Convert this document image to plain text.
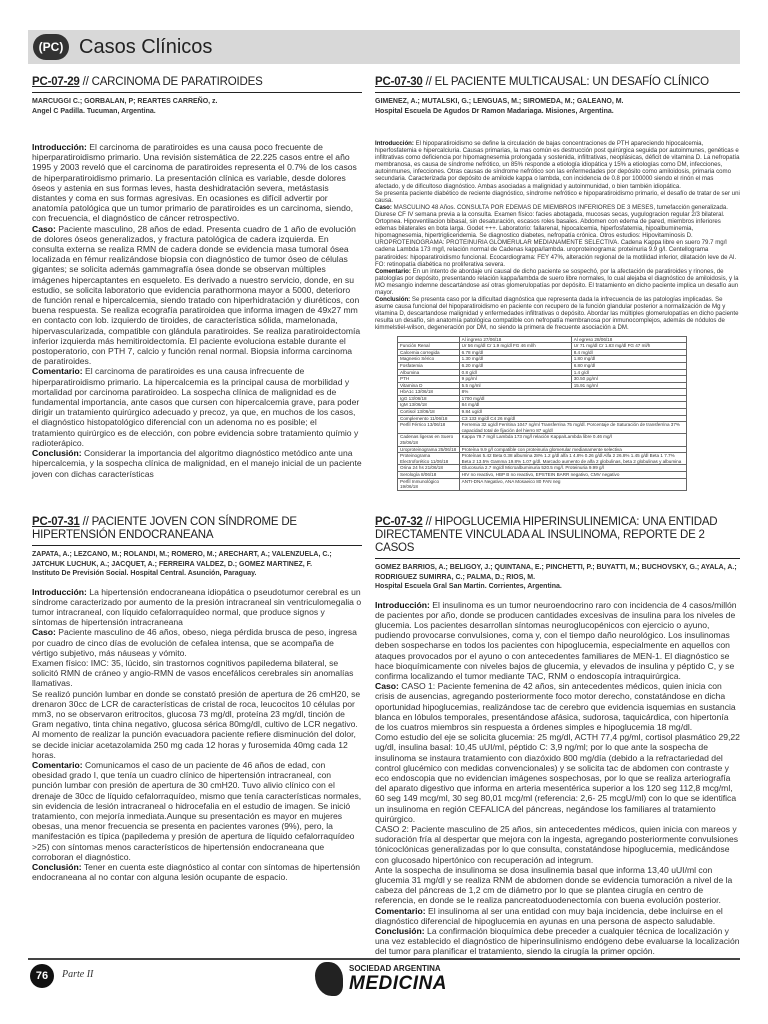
(PC) Casos Clínicos
PC-07-29 // CARCINOMA DE PARATIROIDES
MARCUGGI C.; GORBALAN, P; REARTES CARREÑO, z.
Angel C Padilla. Tucuman, Argentina.
Introducción: El carcinoma de paratiroides es una causa poco frecuente de hiperparatiroidismo primario. Una revisión sistemática de 22.225 casos entre el año 1995 y 2003 reveló que el carcinoma de paratiroides representa el 0.7% de los casos de hiperparatiroidismo primario. La presentación clínica es variable, desde dolores óseos y astenia en sus formas leves, hasta deshidratación severa, metástasis distantes y coma en sus formas agresivas. En ocasiones es difícil advertir por anatomía patológica que un tumor primario de paratiroides es un carcinoma, siendo, con frecuencia, el diagnóstico de cáncer retrospectivo.
Caso: Paciente masculino, 28 años de edad. Presenta cuadro de 1 año de evolución de dolores óseos generalizados, y fractura patológica de cadera izquierda. En consulta externa se realiza RMN de cadera donde se evidencia masa tumoral ósea localizada en fémur realizándose biopsia con diagnóstico de tumor óseo de células gigantes; se solicita además gammagrafía ósea donde se observan múltiples imágenes hipercaptantes en esqueleto. Es derivado a nuestro servicio, donde, en su estudio, se solicita laboratorio que evidencia parathormona mayor a 5000, deterioro de función renal e hipercalcemia, siendo tratado con hiperhidratación y diuréticos, con buena respuesta. Se realiza ecografía paratiroidea que informa imagen de 49x27 mm en contacto con lob. izquierdo de tiroides, de característica sólida, mamelonada, hipervascularizada, compatible con glándula paratiroides. Se realiza paratiroidectomía inferior izquierda más hemitiroidectomía. El paciente evoluciona estable durante el postoperatorio, con PTH 7, calcio y función renal normal. Biopsia informa carcinoma de paratiroides.
Comentario: El carcinoma de paratiroides es una causa infrecuente de hiperparatiroidismo primario. La hipercalcemia es la principal causa de morbilidad y mortalidad por carcinoma paratiroideo. La sospecha clínica de malignidad es de fundamental importancia, ante casos que cursen con hipercalcemia grave, para poder dirigir un tratamiento quirúrgico adecuado y precoz, ya que, en muchos de los casos, el diagnóstico histopatológico diferencial con un adenoma no es posible; el tratamiento quirúrgico es de elección, con pobre evidencia sobre tratamiento químio y radioterápico.
Conclusión: Considerar la importancia del algoritmo diagnóstico metódico ante una hipercalcemia, y la sospecha clínica de malignidad, en el manejo inicial de un paciente joven con dichas características
PC-07-30 // EL PACIENTE MULTICAUSAL: UN DESAFÍO CLÍNICO
GIMENEZ, A.; MUTALSKI, G.; LENGUAS, M.; SIROMEDA, M.; GALEANO, M.
Hospital Escuela De Agudos Dr Ramon Madariaga. Misiones, Argentina.
Introducción: El hipoparatiroidismo se define la circulación de bajas concentraciones de PTH apareciendo hipocalcemia, hiperfosfatemia e hipercalciuria. Causas primarias, la mas común es destrucción post quirúrgica seguida por autoinmunes, genéticas e infiltrativas como deficiencia por hipomagnesemia prolongada y sostenida, infiltrativas, neoplásicas, déficit de vitamina D. La nefropatía membranosa, es causa de síndrome nefrótico, un 85% responde a etiología idiopática y 15% a etiologías como DM, infecciones, autoinmunes, infecciones. Otras causas de síndrome nefrótico son las enfermedades por depósito como amiloidosis, primaria como secundaria. Caracterizada por depósito de amiloide kappa o lambda, con incidencia de 0.8 por 100000 siendo el rinón el mas afectado, y de dificultoso diagnóstico. Ambas asociadas a malignidad y autoinmunidad, o bien también idiopática.
Se presenta paciente diabético de reciente diagnóstico, síndrome nefrótico e hipoparatiroidismo primario, el desafío de tratar de ser uni causa.
Caso: MASCULINO 48 Años. CONSULTA POR EDEMAS DE MIEMBROS INFERIORES DE 3 MESES, tumefacción generalizada. Diurese CF IV semana previa a la consulta. Examen físico: facies abotagada, mucosas secas, yugulogracion regular 2/3 bilateral. Ortopnea. Hipoventilacion bibasal, sin desaturación, escasos roles basales. Abdomen con edema de pared, miembros inferiores edemas bilaterales en bota larga. Godet +++. Laboratorio: fallarenal, hipocalcemia, hiperfosfatemia, hipoalbuminemia, hipomagnesemia, hipertrigliceridemia. Se diagnostico diabetes, nefropatía crónica. Otros estudios: Hipovitaminosis D. UROPROTEINOGRAMA: PROTEINURIA GLOMERULAR MEDIANAMENTE SELECTIVA. Cadena Kappa libre en suero 79.7 mg/l cadena Lambda 173 mg/l, relación normal de Cadenas kappa/lambda. uroproteinograma: proteinuria 9.9 g/l. Centellograma paratiroides: hipoparatiroidismo funcional. Ecocardiograma: FEY 47%, alteración regional de la motilidad inferior, dilatación leve de AI. FO: retinopatía diabética no proliferativa severa.
Comentario: En un intento de abordaje uni causal de dicho paciente se sospechó, por la afectación de paratiroides y rinones, de patologías por depósito, presentando relación kappa/lambda de suero libre normales, lo cual alejaba el diagnóstico de amiloidosis, y la MO mesangio indemne descartándose así otras glomerulopatías por depósito. El tratamiento en dicho paciente implica un desafío aun mayor.
Conclusión: Se presenta caso por la dificultad diagnóstica que representa dada la infrecuencia de las patologías implicadas. Se asume causa funcional del hipoparatiroidismo en paciente con recupero de la función glandular posterior a normalización de Mg y vitamina D, descartandose malignidad y enfermedades infiltrativas o depósito. Abordar las múltiples glomerulopatías en dicho paciente resulta un desafío, sin anatomía patológica compatible con nefropatía membranosa por inmunocomplejos, además de nódulos de kimmelstiel-wilson, degeneración por DM, no siendo la primera de frecuente asociación a DM.
	Al ingreso 27/06/18	Al egreso 28/06/18
Función Renal	Ur 56 mg/dl Cr 1.9 mg/dl FG 46 ml/h	Ur 71 mg/dl Cr 1.83 mg/dl FG 47 ml/h
Calcemia corregida	6.78 mg/dl	8.4 mg/dl
Magnesio Sérico	1.30 mg/dl	1.80 mg/dl
Fosfatemia	6.20 mg/dl	6.80 mg/dl
Albumina	0.8 g/dl	1.4 g/dl
PTH	9 pg/ml	30.50 pg/ml
Vitamina D	5.5 ng/ml	15.91 ng/ml
HbA1c 13/06/18	8%	
IgG 13/06/18	1700 mg/dl	
IgM 13/06/18	84 mg/dl	
Cortisol 13/06/18	9.84 ug/dl	
Complemento 11/06/18	C3 133 mg/dl C4 26 mg/dl	
Perfil Férrico 13/06/18	Ferremia 32 ug/dl Ferritina 1047 ng/ml Transferrina 75 mg/dl. Porcentaje de Saturación de transferrina 37% capacidad total de fijación del hierro 87 ug/dl	
Cadenas ligeras en Suero 25/06/18	Kappa 79.7 mg/l Lambda 173 mg/l relación Kappa/Lambda libre 0.46 mg/l	
Uroproteinograma 25/06/18	Proteína 9.9 g/l compatible con proteinuria glomerular medianamente selectiva	
Proteinograma Electroforético 11/06/18	Proteínas 5.42 Beta 0.38 albumina 28% 1.2 g/dl alfa 1 4.8% 0.26 g/dl Alfa 2 26.8% 1.45 g/dl Beta 1 7.7% Beta 2 13.5% Gamma 19.8% 1.07 g/dl. Marcado aumento de alfa 2 globulinas, beta 2 globulinas y albumina	
Orina 24 hs 21/06/18	Glucosuria 2.7 mg/dl Microalbuminuria 520.5 mg/l. Proteinuria 9.99 g/l	
Serología 8/06/18	HIV no reactivo, HBP B no reactivo, EPSTEIN BARR negativo, CMV negativo	
Perfil Inmunológico 19/06/18	ANTI-DNA Negativo, ANA Mosaeico 80 FAN neg	
PC-07-31 // PACIENTE JOVEN CON SÍNDROME DE HIPERTENSIÓN ENDOCRANEANA
ZAPATA, A.; LEZCANO, M.; ROLANDI, M.; ROMERO, M.; ARECHART, A.; VALENZUELA, C.; JATCHUK LUCHUK, A.; JACQUET, A.; FERREIRA VALDEZ, D.; GOMEZ MARTINEZ, F.
Instituto De Previsión Social. Hospital Central. Asunción, Paraguay.
Introducción: La hipertensión endocraneana idiopática o pseudotumor cerebral es un síndrome caracterizado por aumento de la presión intracraneal sin ventriculomegalia o tumor intracraneal, con líquido cefalorraquídeo normal, que produce signos y síntomas de hipertensión intracraneana
Caso: Paciente masculino de 46 años, obeso, niega pérdida brusca de peso, ingresa por cuadro de cinco días de evolución de cefalea intensa, que se acompaña de vértigo subjetivo, más náuseas y vómito.
Examen físico: IMC: 35, lúcido, sin trastornos cognitivos papiledema bilateral, se solicitó RMN de cráneo y angio-RMN de vasos encefálicos cerebrales sin anomalías llamativas.
Se realizó punción lumbar en donde se constató presión de apertura de 26 cmH20, se drenaron 30cc de LCR de características de cristal de roca, leucocitos 10 células por mm3, no se observaron eritrocitos, glucosa 73 mg/dl, proteína 23 mg/dl, tinción de Gram negativo, tinta china negativo, glucosa sérica 80mg/dl, cultivo de LCR negativo. Al momento de realizar la punción evacuadora paciente refiere disminución del dolor, se decide iniciar acetazolamida 250 mg cada 12 horas y furosemida 40mg cada 12 horas.
Comentario: Comunicamos el caso de un paciente de 46 años de edad, con obesidad grado I, que tenía un cuadro clínico de hipertensión intracraneal, con punción lumbar con presión de apertura de 30 cmH20. Tuvo alivio clínico con el drenaje de 30cc de líquido cefalorraquídeo, mismo que tenía características normales, sin evidencia de lesión intracraneal o hidrocefalia en el estudio de imagen. Se inició tratamiento, con mejoría inmediata.Aunque su presentación es mayor en mujeres obesas, una menor frecuencia se presenta en pacientes varones (9%), pero, la manifestación es típica (papiledema y presión de apertura de líquido cefalorraquídeo >25) con síntomas menos característicos de hipertensión endocraneana que corroboran el diagnóstico.
Conclusión: Tener en cuenta este diagnóstico al contar con síntomas de hipertensión endocraneana al no contar con alguna lesión ocupante de espacio.
PC-07-32 // HIPOGLUCEMIA HIPERINSULINEMICA: UNA ENTIDAD DIRECTAMENTE VINCULADA AL INSULINOMA, REPORTE DE 2 CASOS
GOMEZ BARRIOS, A.; BELIGOY, J.; QUINTANA, E.; PINCHETTI, P.; BUYATTI, M.; BUCHOVSKY, G.; AYALA, A.; RODRIGUEZ SUMIRRA, C.; PALMA, D.; RIOS, M.
Hospital Escuela Gral San Martin. Corrientes, Argentina.
Introducción: El insulinoma es un tumor neuroendocrino raro con incidencia de 4 casos/millón de pacientes por año, donde se producen cantidades excesivas de insulina para los niveles de glucemia. Los pacientes desarrollan síntomas neuroglucopénicos con ejercicio o ayuno, pudiendo provocarse convulsiones, coma y, con el tiempo daño neurológico. Los insulinomas deben sospecharse en todos los pacientes con hipoglucemia, especialmente en aquellos con ataques provocados por el ayuno o con antecedentes familiares de MEN-1. El diagnóstico se hace bioquímicamente con niveles bajos de glucemia, y elevados de insulina y péptido C, y se confirma localizando el tumor mediante TAC, RNM o endoscopía intraquirúrgica.
Caso: CASO 1: Paciente femenina de 42 años, sin antecedentes médicos, quien inicia con crisis de ausencias, agregando posteriormente foco motor derecho, constatándose en dicha oportunidad hipoglucemias, realizándose tac de cerebro que evidencia isquemias en sustancia blanca en lóbulos temporales, presentándose afásica, sudorosa, taquicárdica, con hipertonía de los cuatros miembros sin respuesta a órdenes simples e hipoglucemia 18 mg/dl.
Como estudio del eje se solicita glucemia: 25 mg/dl, ACTH 77,4 pg/ml, cortisol plasmático 29,22 ug/dl, insulina basal: 10,45 uUI/ml, péptido C: 3,9 ng/ml; por lo que ante la sospecha de insulinoma se instaura tratamiento con diazóxido 800 mg/día (debido a la refractariedad del control glucémico con medidas convencionales) y se solicita tac de abdomen con contraste y eco endoscopia que no evidencian imágenes sospechosas, por lo que se realiza arteriografía del aparato digestivo que informa en arteria mesentérica superior a los 120 seg 112,8 mcg/ml, 60 seg 149 mcg/ml, 30 seg 80,01 mcg/ml (referencia: 2,6- 25 mcgU/ml) con lo que se identifica un insulinoma en región CEFALICA del páncreas, negándose los familiares al tratamiento quirúrgico.
CASO 2: Paciente masculino de 25 años, sin antecedentes médicos, quien inicia con mareos y sudoración fría al despertar que mejora con la ingesta, agregando posteriormente convulsiones tónicoclónicas generalizadas por lo que consulta, constatándose hipoglucemia, medicándose con glucosado hipertónico con recuperación ad integrum.
Ante la sospecha de insulinoma se dosa insulinemia basal que informa 13,40 uUI/ml con glucemia 31 mg/dl y se realiza RNM de abdomen donde se evidencia tumoración a nivel de la cabeza del páncreas de 1,2 cm de diámetro por lo que se plantea cirugía en centro de referencia, en donde se le realiza pancreatoduodenectomía con buena evolución posterior.
Comentario: El insulinoma al ser una entidad con muy baja incidencia, debe incluirse en el diagnóstico diferencial de hipoglucemia en ayunas en una persona de aspecto saludable.
Conclusión: La confirmación bioquímica debe preceder a cualquier técnica de localización y una vez establecido el diagnóstico de hiperinsulinismo endógeno debe evaluarse la localización del tumor para planificar el tratamiento, siendo la cirugía la primer opción.
76	Parte II
SOCIEDAD ARGENTINA
MEDICINA
